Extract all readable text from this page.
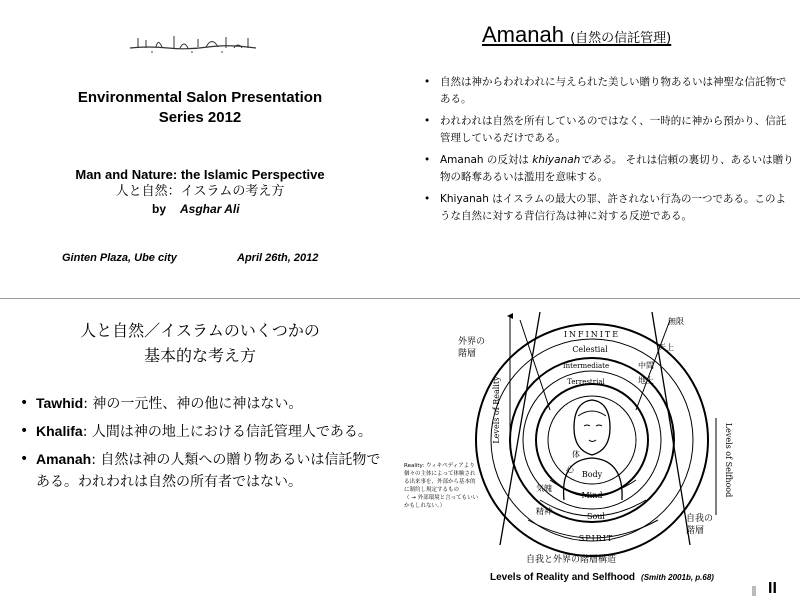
Environmental Salon Presentation
Series 2012
Man and Nature: the Islamic Perspective
人と自然：イスラムの考え方
by Asghar Ali
Ginten Plaza, Ube city	April 26th, 2012
Amanah (自然の信託管理)
• 自然は神からわれわれに与えられた美しい贈り物あるいは神聖な信託物である。
• われわれは自然を所有しているのではなく、一時的に神から預かり、信託管理しているだけである。
• Amanah の反対は khiyanahである。 それは信頼の裏切り、あるいは贈り物の略奪あるいは濫用を意味する。
• Khiyanah はイスラムの最大の罪、許されない行為の一つである。このような自然に対する背信行為は神に対する反逆である。
人と自然／イスラムのいくつかの
基本的な考え方
• Tawhid: 神の一元性、神の他に神はない。
• Khalifa: 人間は神の地上における信託管理人である。
• Amanah: 自然は神の人類への贈り物あるいは信託物である。われわれは自然の所有者ではない。
INFINITE
Celestial
Intermediate
Terrestrial
Body
Mind
Soul
SPIRIT
無限
天上
中間
地上
体
心
気魄
精神
外界の
階層
Levels of Reality
Levels of Selfhood
自我の
階層
Reality: ウィキペディアより
個々の主体によって体験され
る出来事を、外部から基本的
に制約し規定するもの
（ → 外部環境と言ってもいい
かもしれない。）
自我と外界の階層構造
Levels of Reality and Selfhood (Smith 2001b, p.68)
II
